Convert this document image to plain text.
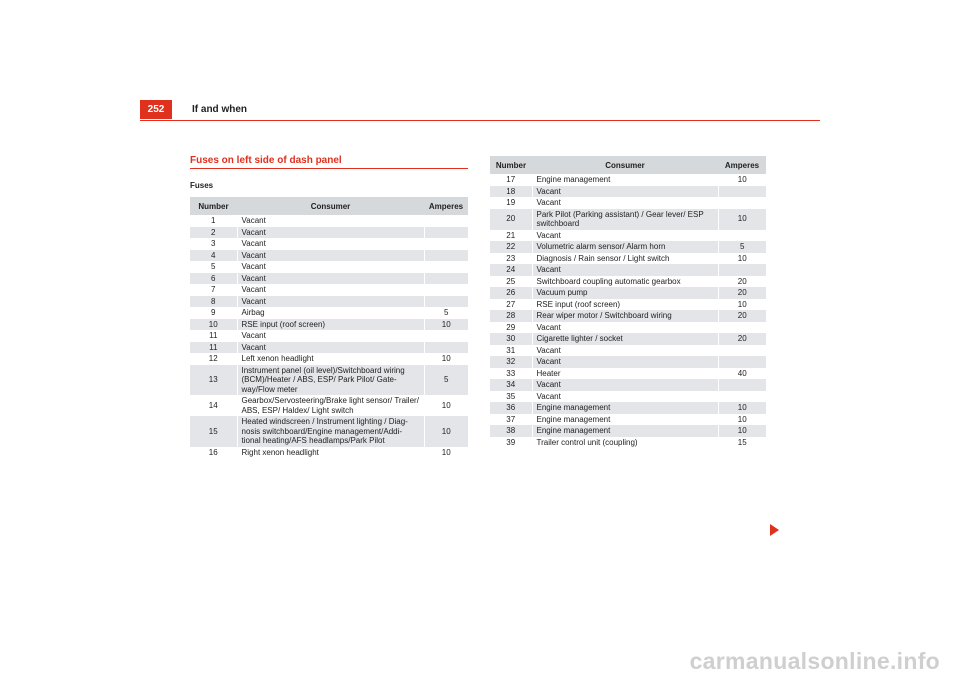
252	If and when
Fuses on left side of dash panel
Fuses
Number	Consumer	Amperes
1	Vacant	
2	Vacant	
3	Vacant	
4	Vacant	
5	Vacant	
6	Vacant	
7	Vacant	
8	Vacant	
9	Airbag	5
10	RSE input (roof screen)	10
11	Vacant	
11	Vacant	
12	Left xenon headlight	10
13	Instrument panel (oil level)/Switchboard wiring (BCM)/Heater / ABS, ESP/ Park Pilot/ Gate-way/Flow meter	5
14	Gearbox/Servosteering/Brake light sensor/ Trailer/ ABS, ESP/ Haldex/ Light switch	10
15	Heated windscreen / Instrument lighting / Diag-nosis switchboard/Engine management/Addi-tional heating/AFS headlamps/Park Pilot	10
16	Right xenon headlight	10
Number	Consumer	Amperes
17	Engine management	10
18	Vacant	
19	Vacant	
20	Park Pilot (Parking assistant) / Gear lever/ ESP switchboard	10
21	Vacant	
22	Volumetric alarm sensor/ Alarm horn	5
23	Diagnosis / Rain sensor / Light switch	10
24	Vacant	
25	Switchboard coupling automatic gearbox	20
26	Vacuum pump	20
27	RSE input (roof screen)	10
28	Rear wiper motor / Switchboard wiring	20
29	Vacant	
30	Cigarette lighter / socket	20
31	Vacant	
32	Vacant	
33	Heater	40
34	Vacant	
35	Vacant	
36	Engine management	10
37	Engine management	10
38	Engine management	10
39	Trailer control unit (coupling)	15
carmanualsonline.info
